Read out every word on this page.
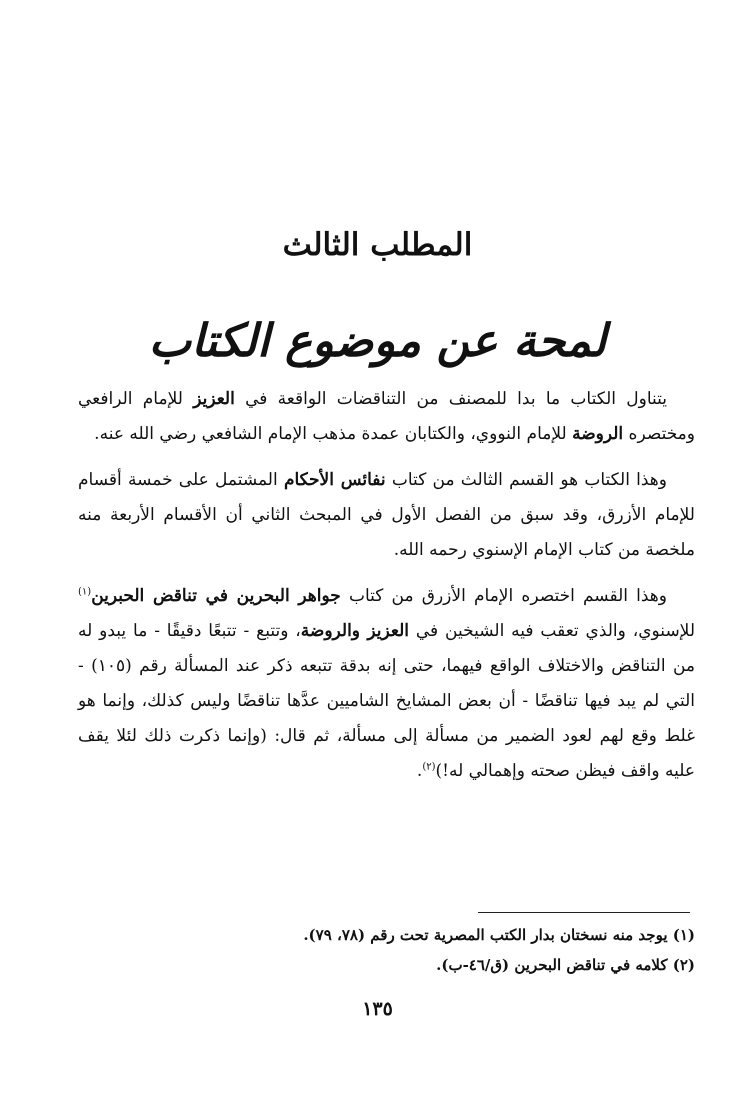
المطلب الثالث
لمحة عن موضوع الكتاب

يتناول الكتاب ما بدا للمصنف من التناقضات الواقعة في العزيز للإمام الرافعي ومختصره الروضة للإمام النووي، والكتابان عمدة مذهب الإمام الشافعي رضي الله عنه.

وهذا الكتاب هو القسم الثالث من كتاب نفائس الأحكام المشتمل على خمسة أقسام للإمام الأزرق، وقد سبق من الفصل الأول في المبحث الثاني أن الأقسام الأربعة منه ملخصة من كتاب الإمام الإسنوي رحمه الله.

وهذا القسم اختصره الإمام الأزرق من كتاب جواهر البحرين في تناقض الحبرين$^{(١)}$ للإسنوي، والذي تعقب فيه الشيخين في العزيز والروضة، وتتبع - تتبعًا دقيقًا - ما يبدو له من التناقض والاختلاف الواقع فيهما، حتى إنه بدقة تتبعه ذكر عند المسألة رقم (١٠٥) - التي لم يبد فيها تناقضًا - أن بعض المشايخ الشاميين عدَّها تناقضًا وليس كذلك، وإنما هو غلط وقع لهم لعود الضمير من مسألة إلى مسألة، ثم قال: (وإنما ذكرت ذلك لئلا يقف عليه واقف فيظن صحته وإهمالي له!)$^{(٢)}$.

(١) يوجد منه نسختان بدار الكتب المصرية تحت رقم (٧٨، ٧٩).

(٢) كلامه في تناقض البحرين (ق/٤٦-ب).

١٣٥
